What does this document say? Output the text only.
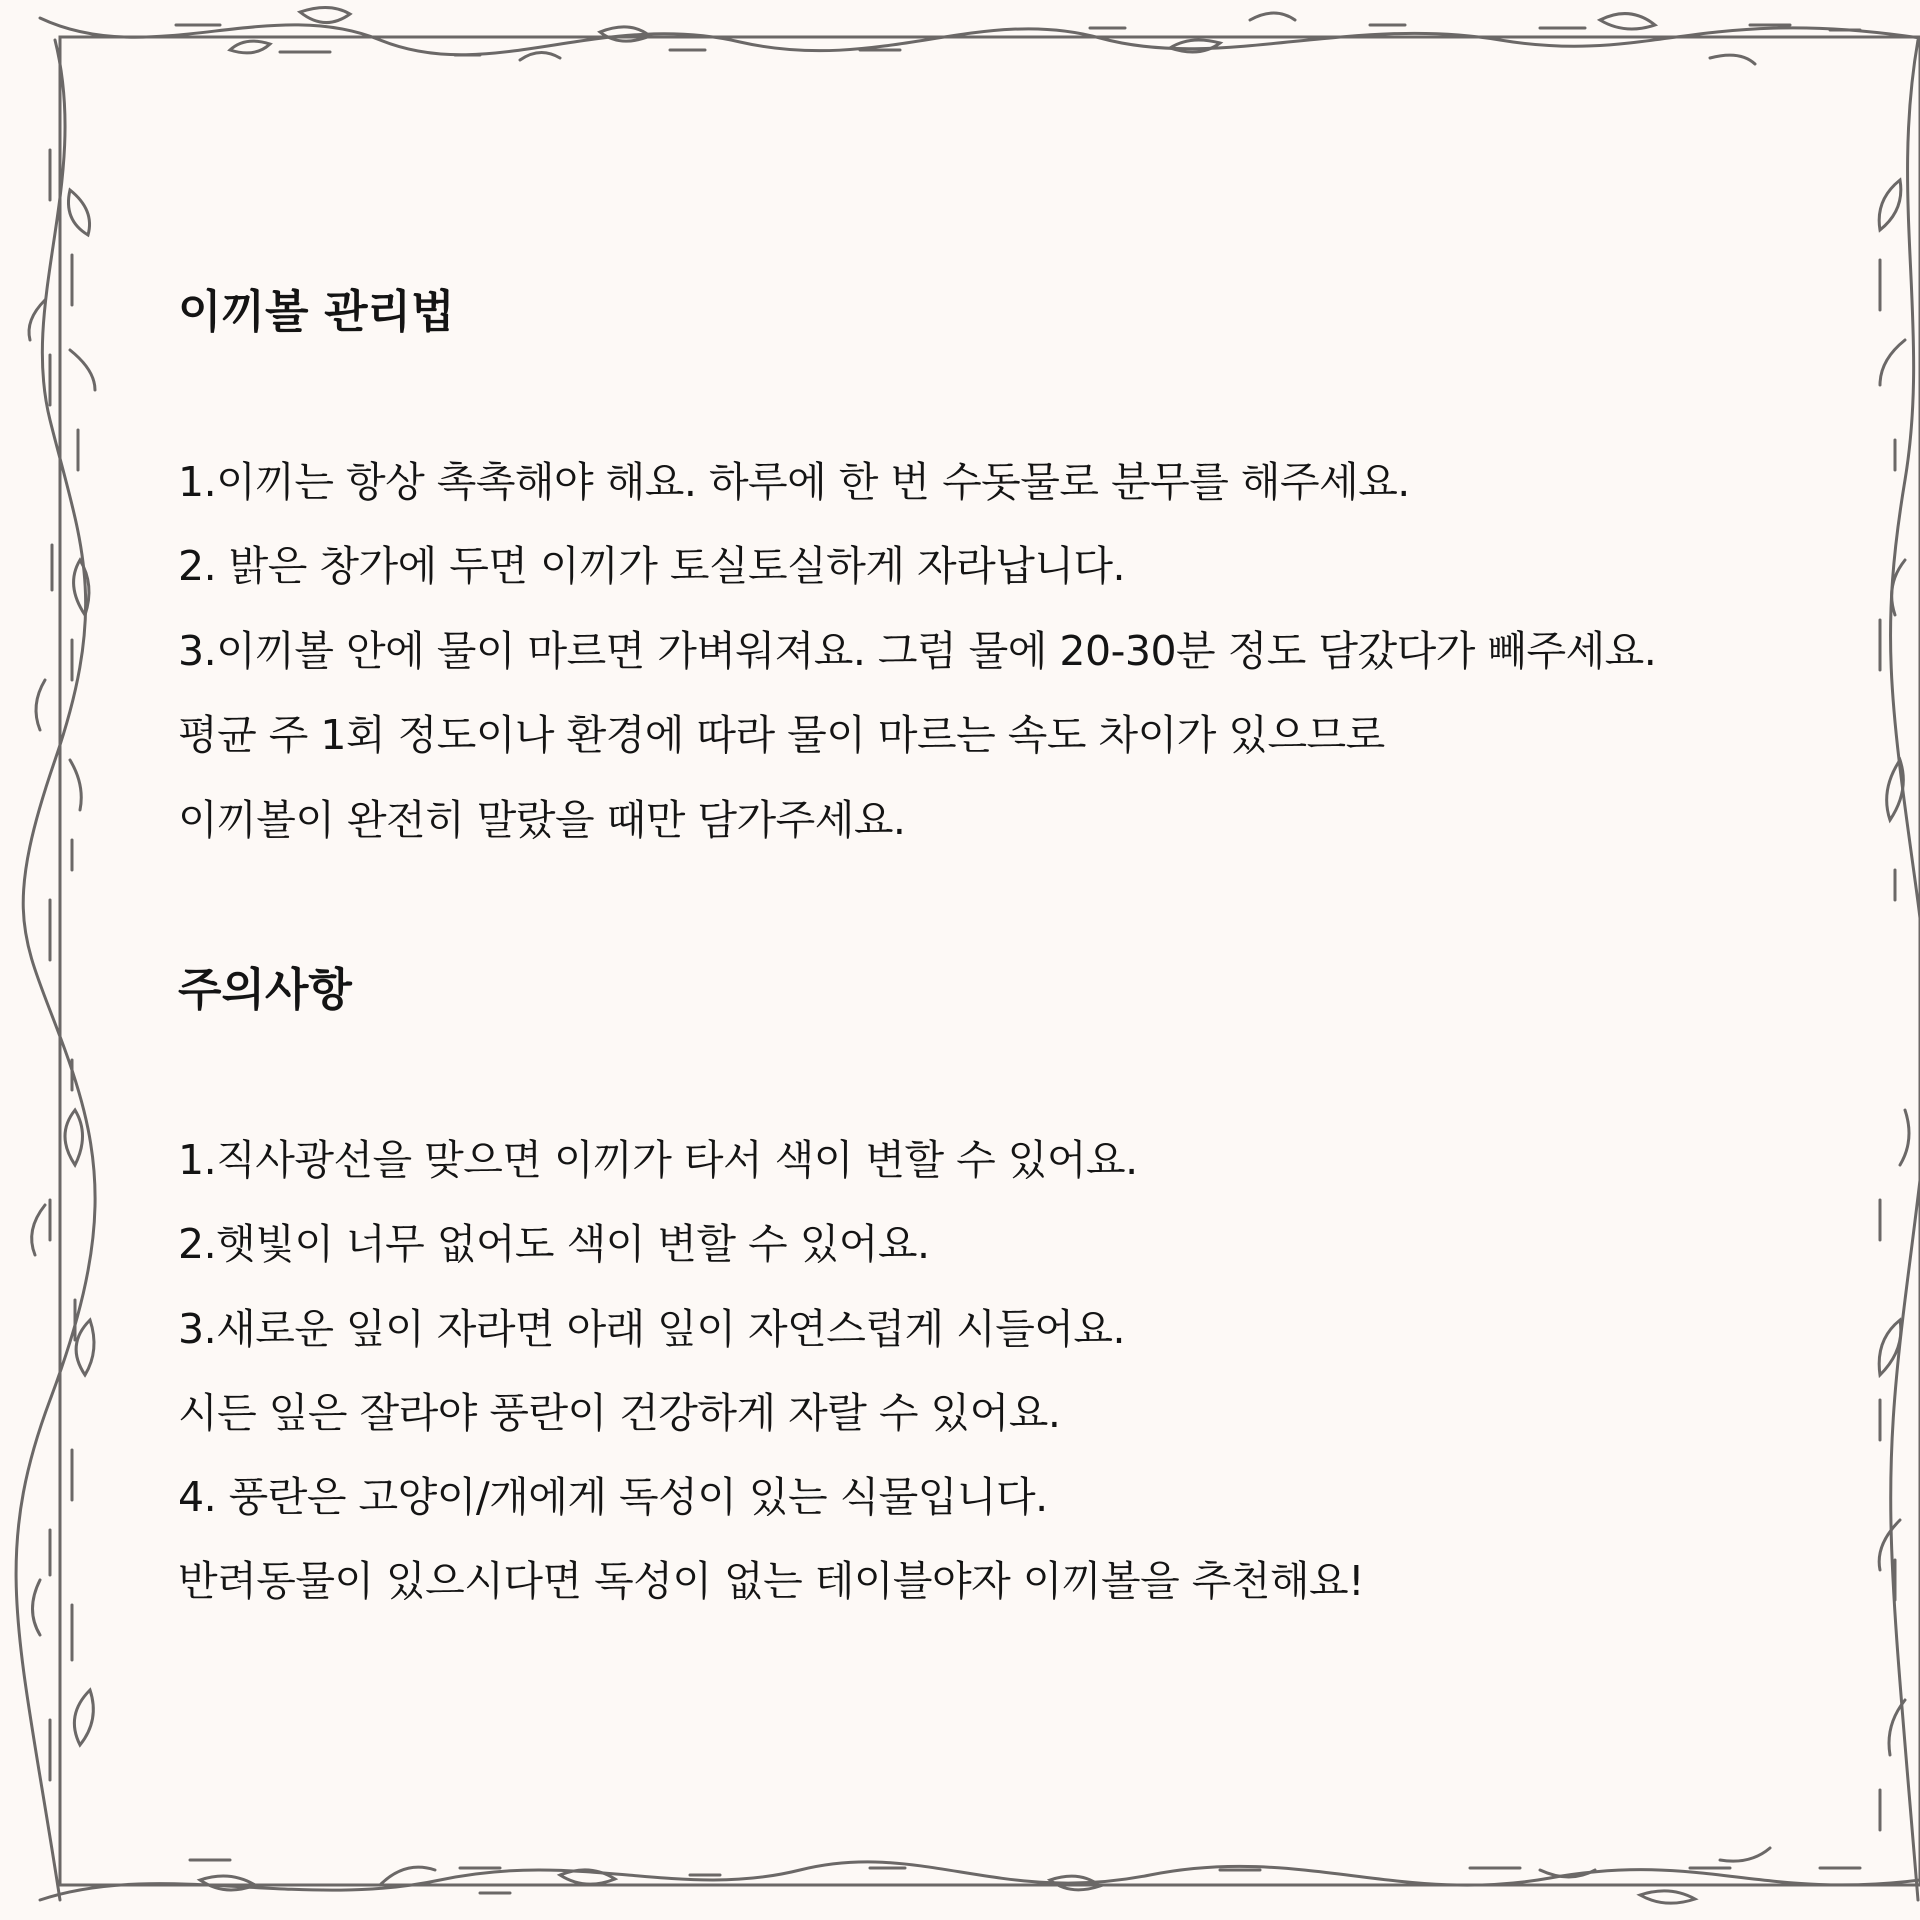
이끼볼 관리법

1.이끼는 항상 촉촉해야 해요. 하루에 한 번 수돗물로 분무를 해주세요.

2. 밝은 창가에 두면 이끼가 토실토실하게 자라납니다.

3.이끼볼 안에 물이 마르면 가벼워져요. 그럼 물에 20-30분 정도 담갔다가 빼주세요.

평균 주 1회 정도이나 환경에 따라 물이 마르는 속도 차이가 있으므로

이끼볼이 완전히 말랐을 때만 담가주세요.

주의사항

1.직사광선을 맞으면 이끼가 타서 색이 변할 수 있어요.

2.햇빛이 너무 없어도 색이 변할 수 있어요.

3.새로운 잎이 자라면 아래 잎이 자연스럽게 시들어요.

시든 잎은 잘라야 풍란이 건강하게 자랄 수 있어요.

4. 풍란은 고양이/개에게 독성이 있는 식물입니다.

반려동물이 있으시다면 독성이 없는 테이블야자 이끼볼을 추천해요!
